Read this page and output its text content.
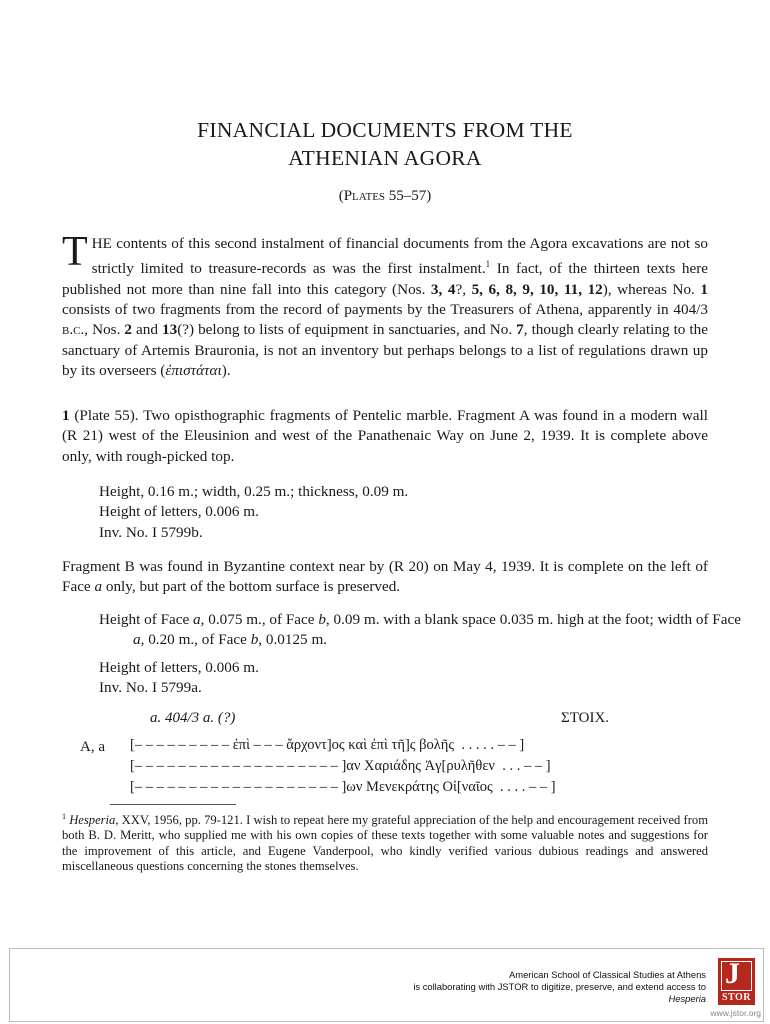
FINANCIAL DOCUMENTS FROM THE
ATHENIAN AGORA
(Plates 55–57)

THE contents of this second instalment of financial documents from the Agora excavations are not so strictly limited to treasure-records as was the first instalment.$^1$ In fact, of the thirteen texts here published not more than nine fall into this category (Nos. 3, 4?, 5, 6, 8, 9, 10, 11, 12), whereas No. 1 consists of two fragments from the record of payments by the Treasurers of Athena, apparently in 404/3 b.c., Nos. 2 and 13(?) belong to lists of equipment in sanctuaries, and No. 7, though clearly relating to the sanctuary of Artemis Brauronia, is not an inventory but perhaps belongs to a list of regulations drawn up by its overseers (ἐπιστάται).

1 (Plate 55). Two opisthographic fragments of Pentelic marble. Fragment A was found in a modern wall (R 21) west of the Eleusinion and west of the Panathenaic Way on June 2, 1939. It is complete above only, with rough-picked top.

Height, 0.16 m.; width, 0.25 m.; thickness, 0.09 m.
Height of letters, 0.006 m.
Inv. No. I 5799b.

Fragment B was found in Byzantine context near by (R 20) on May 4, 1939. It is complete on the left of Face a only, but part of the bottom surface is preserved.

Height of Face a, 0.075 m., of Face b, 0.09 m. with a blank space 0.035 m. high at the foot; width of Face a, 0.20 m., of Face b, 0.0125 m.

Height of letters, 0.006 m.
Inv. No. I 5799a.
a. 404/3 a. (?)	ΣΤΟΙΧ.
A, a [– – – – – – – – – ἐπὶ – – – ἄρχοντ]ος καὶ ἐπὶ τῆ]ς βολῆς  . . . . . – – ]
[– – – – – – – – – – – – – – – – – – – ]αν Χαριάδης Ἀγ[ρυλῆθεν  . . . – – ]
[– – – – – – – – – – – – – – – – – – – ]ων Μενεκράτης Οἰ[ναῖος  . . . . – – ]

$^1$ Hesperia, XXV, 1956, pp. 79-121. I wish to repeat here my grateful appreciation of the help and encouragement received from both B. D. Meritt, who supplied me with his own copies of these texts together with some valuable notes and suggestions for the improvement of this article, and Eugene Vanderpool, who kindly verified various dubious readings and answered miscellaneous questions concerning the stones themselves.

American School of Classical Studies at Athens
is collaborating with JSTOR to digitize, preserve, and extend access to
Hesperia
J
STOR
www.jstor.org
